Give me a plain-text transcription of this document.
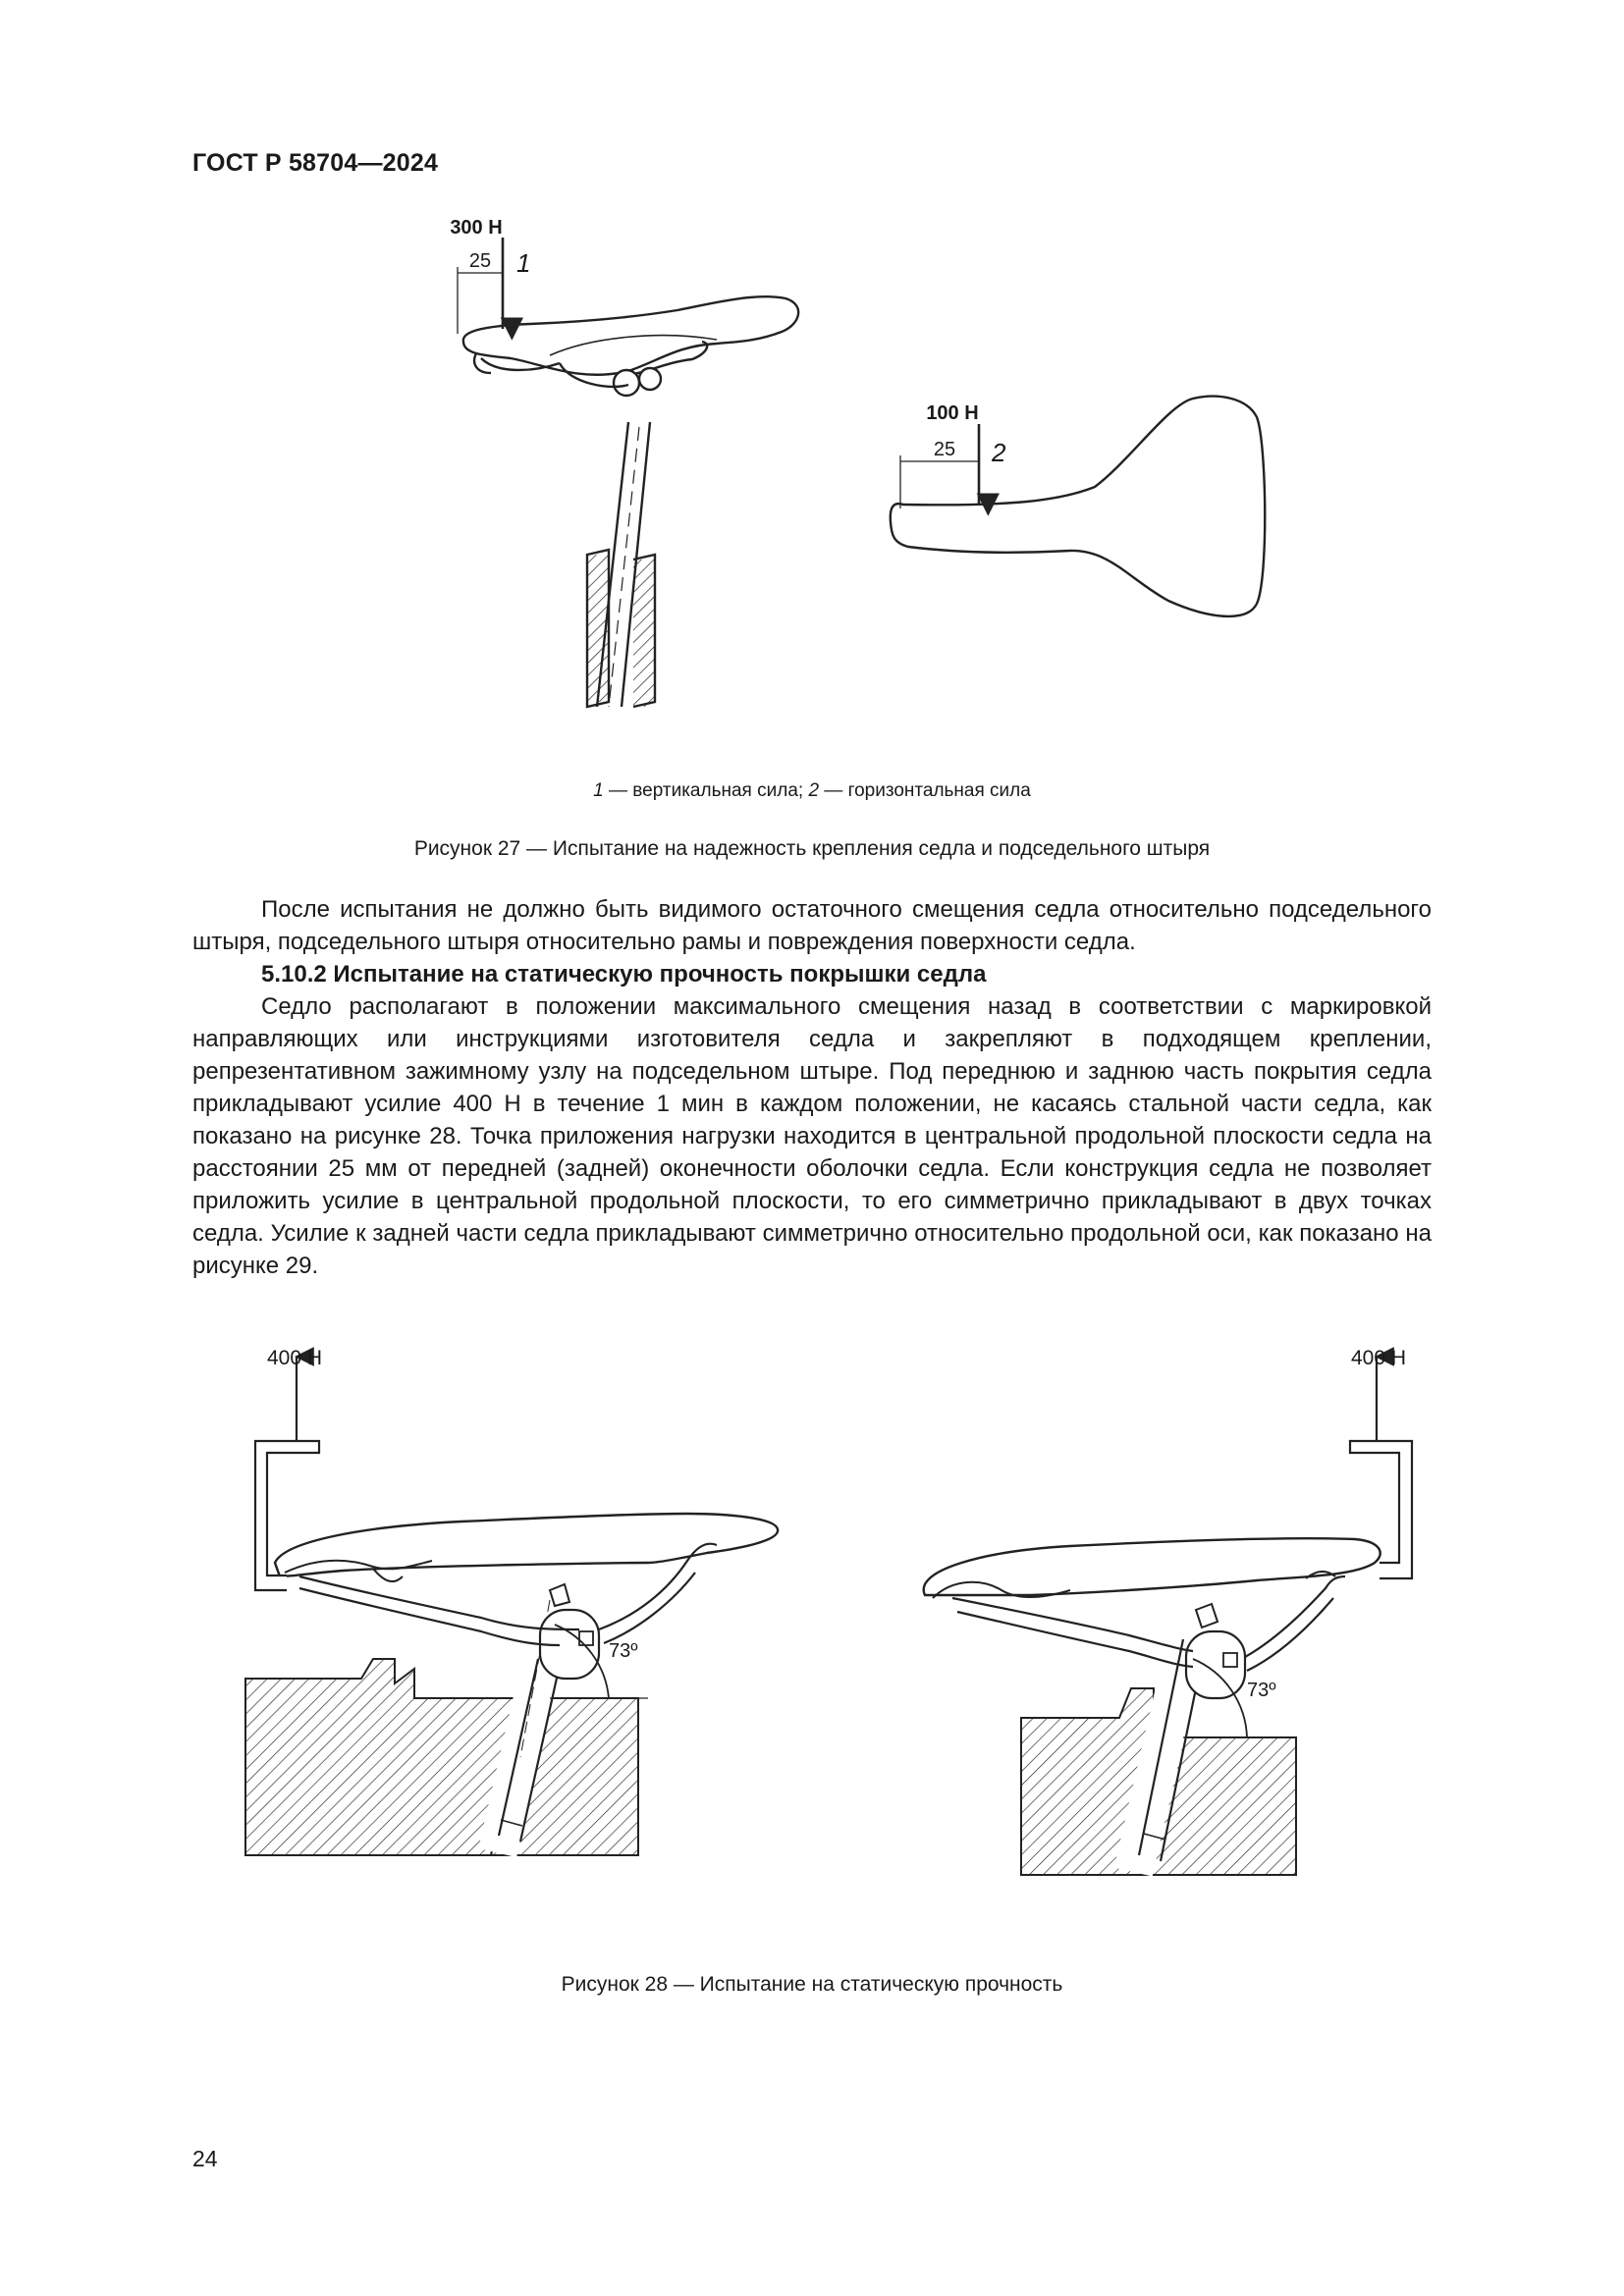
ГОСТ Р 58704—2024
300 Н
25 1
100 Н
25 2
1 — вертикальная сила; 2 — горизонтальная сила
Рисунок 27 — Испытание на надежность крепления седла и подседельного штыря

После испытания не должно быть видимого остаточного смещения седла относительно подседельного штыря, подседельного штыря относительно рамы и повреждения поверхности седла.

5.10.2 Испытание на статическую прочность покрышки седла

Седло располагают в положении максимального смещения назад в соответствии с маркировкой направляющих или инструкциями изготовителя седла и закрепляют в подходящем креплении, репрезентативном зажимному узлу на подседельном штыре. Под переднюю и заднюю часть покрытия седла прикладывают усилие 400 Н в течение 1 мин в каждом положении, не касаясь стальной части седла, как показано на рисунке 28. Точка приложения нагрузки находится в центральной продольной плоскости седла на расстоянии 25 мм от передней (задней) оконечности оболочки седла. Если конструкция седла не позволяет приложить усилие в центральной продольной плоскости, то его симметрично прикладывают в двух точках седла. Усилие к задней части седла прикладывают симметрично относительно продольной оси, как показано на рисунке 29.

400 Н
73º
400 Н
73º
Рисунок 28 — Испытание на статическую прочность
24
